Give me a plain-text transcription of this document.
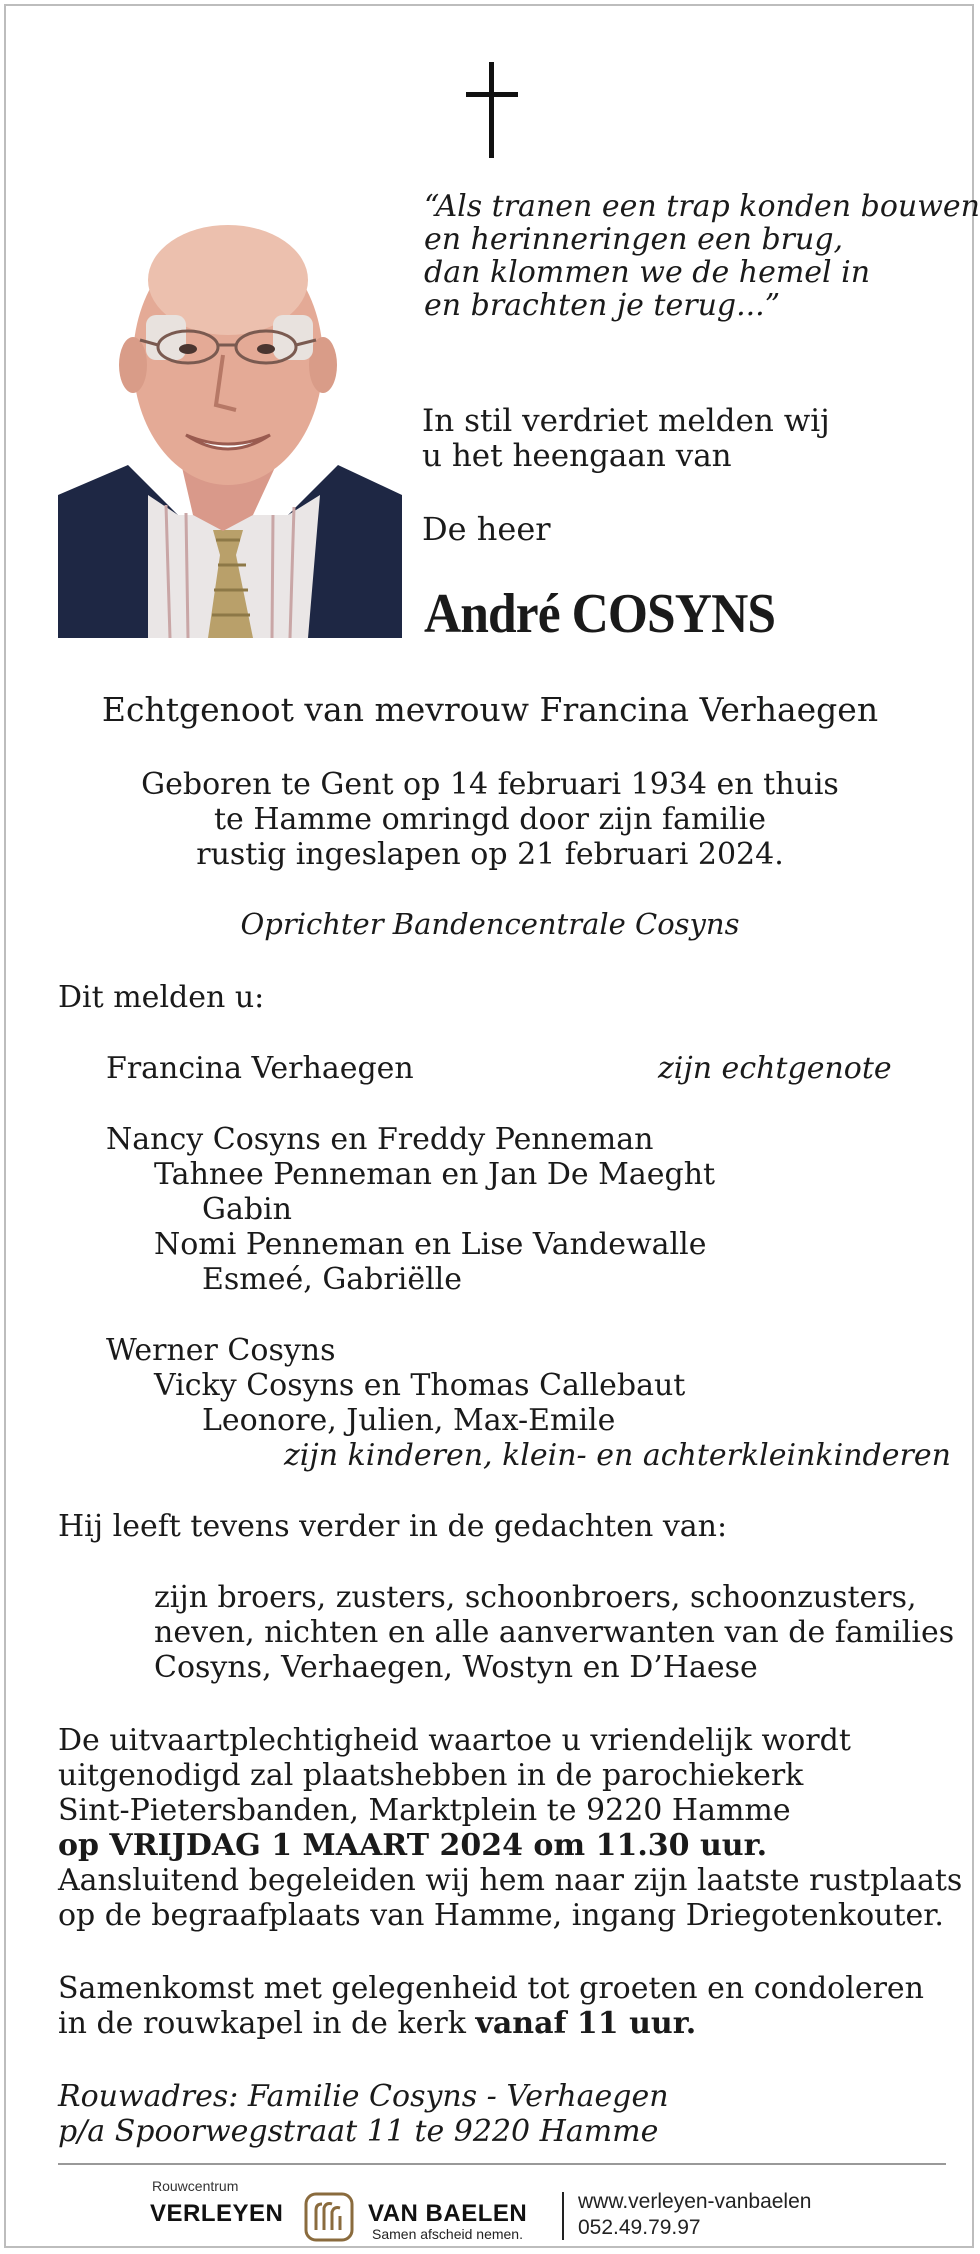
“Als tranen een trap konden bouwen
en herinneringen een brug,
dan klommen we de hemel in
en brachten je terug...”
In stil verdriet melden wij
u het heengaan van
De heer
André COSYNS
Echtgenoot van mevrouw Francina Verhaegen
Geboren te Gent op 14 februari 1934 en thuis
te Hamme omringd door zijn familie
rustig ingeslapen op 21 februari 2024.
Oprichter Bandencentrale Cosyns
Dit melden u:
Francina Verhaegen	zijn echtgenote
Nancy Cosyns en Freddy Penneman
Tahnee Penneman en Jan De Maeght
Gabin
Nomi Penneman en Lise Vandewalle
Esmeé, Gabriëlle
Werner Cosyns
Vicky Cosyns en Thomas Callebaut
Leonore, Julien, Max-Emile
zijn kinderen, klein- en achterkleinkinderen
Hij leeft tevens verder in de gedachten van:
zijn broers, zusters, schoonbroers, schoonzusters,
neven, nichten en alle aanverwanten van de families
Cosyns, Verhaegen, Wostyn en D’Haese
De uitvaartplechtigheid waartoe u vriendelijk wordt
uitgenodigd zal plaatshebben in de parochiekerk
Sint-Pietersbanden, Marktplein te 9220 Hamme
op VRIJDAG 1 MAART 2024 om 11.30 uur.
Aansluitend begeleiden wij hem naar zijn laatste rustplaats
op de begraafplaats van Hamme, ingang Driegotenkouter.
Samenkomst met gelegenheid tot groeten en condoleren
in de rouwkapel in de kerk vanaf 11 uur.
Rouwadres: Familie Cosyns - Verhaegen
p/a Spoorwegstraat 11 te 9220 Hamme
Rouwcentrum
VERLEYEN	VAN BAELEN
Samen afscheid nemen.
www.verleyen-vanbaelen
052.49.79.97
